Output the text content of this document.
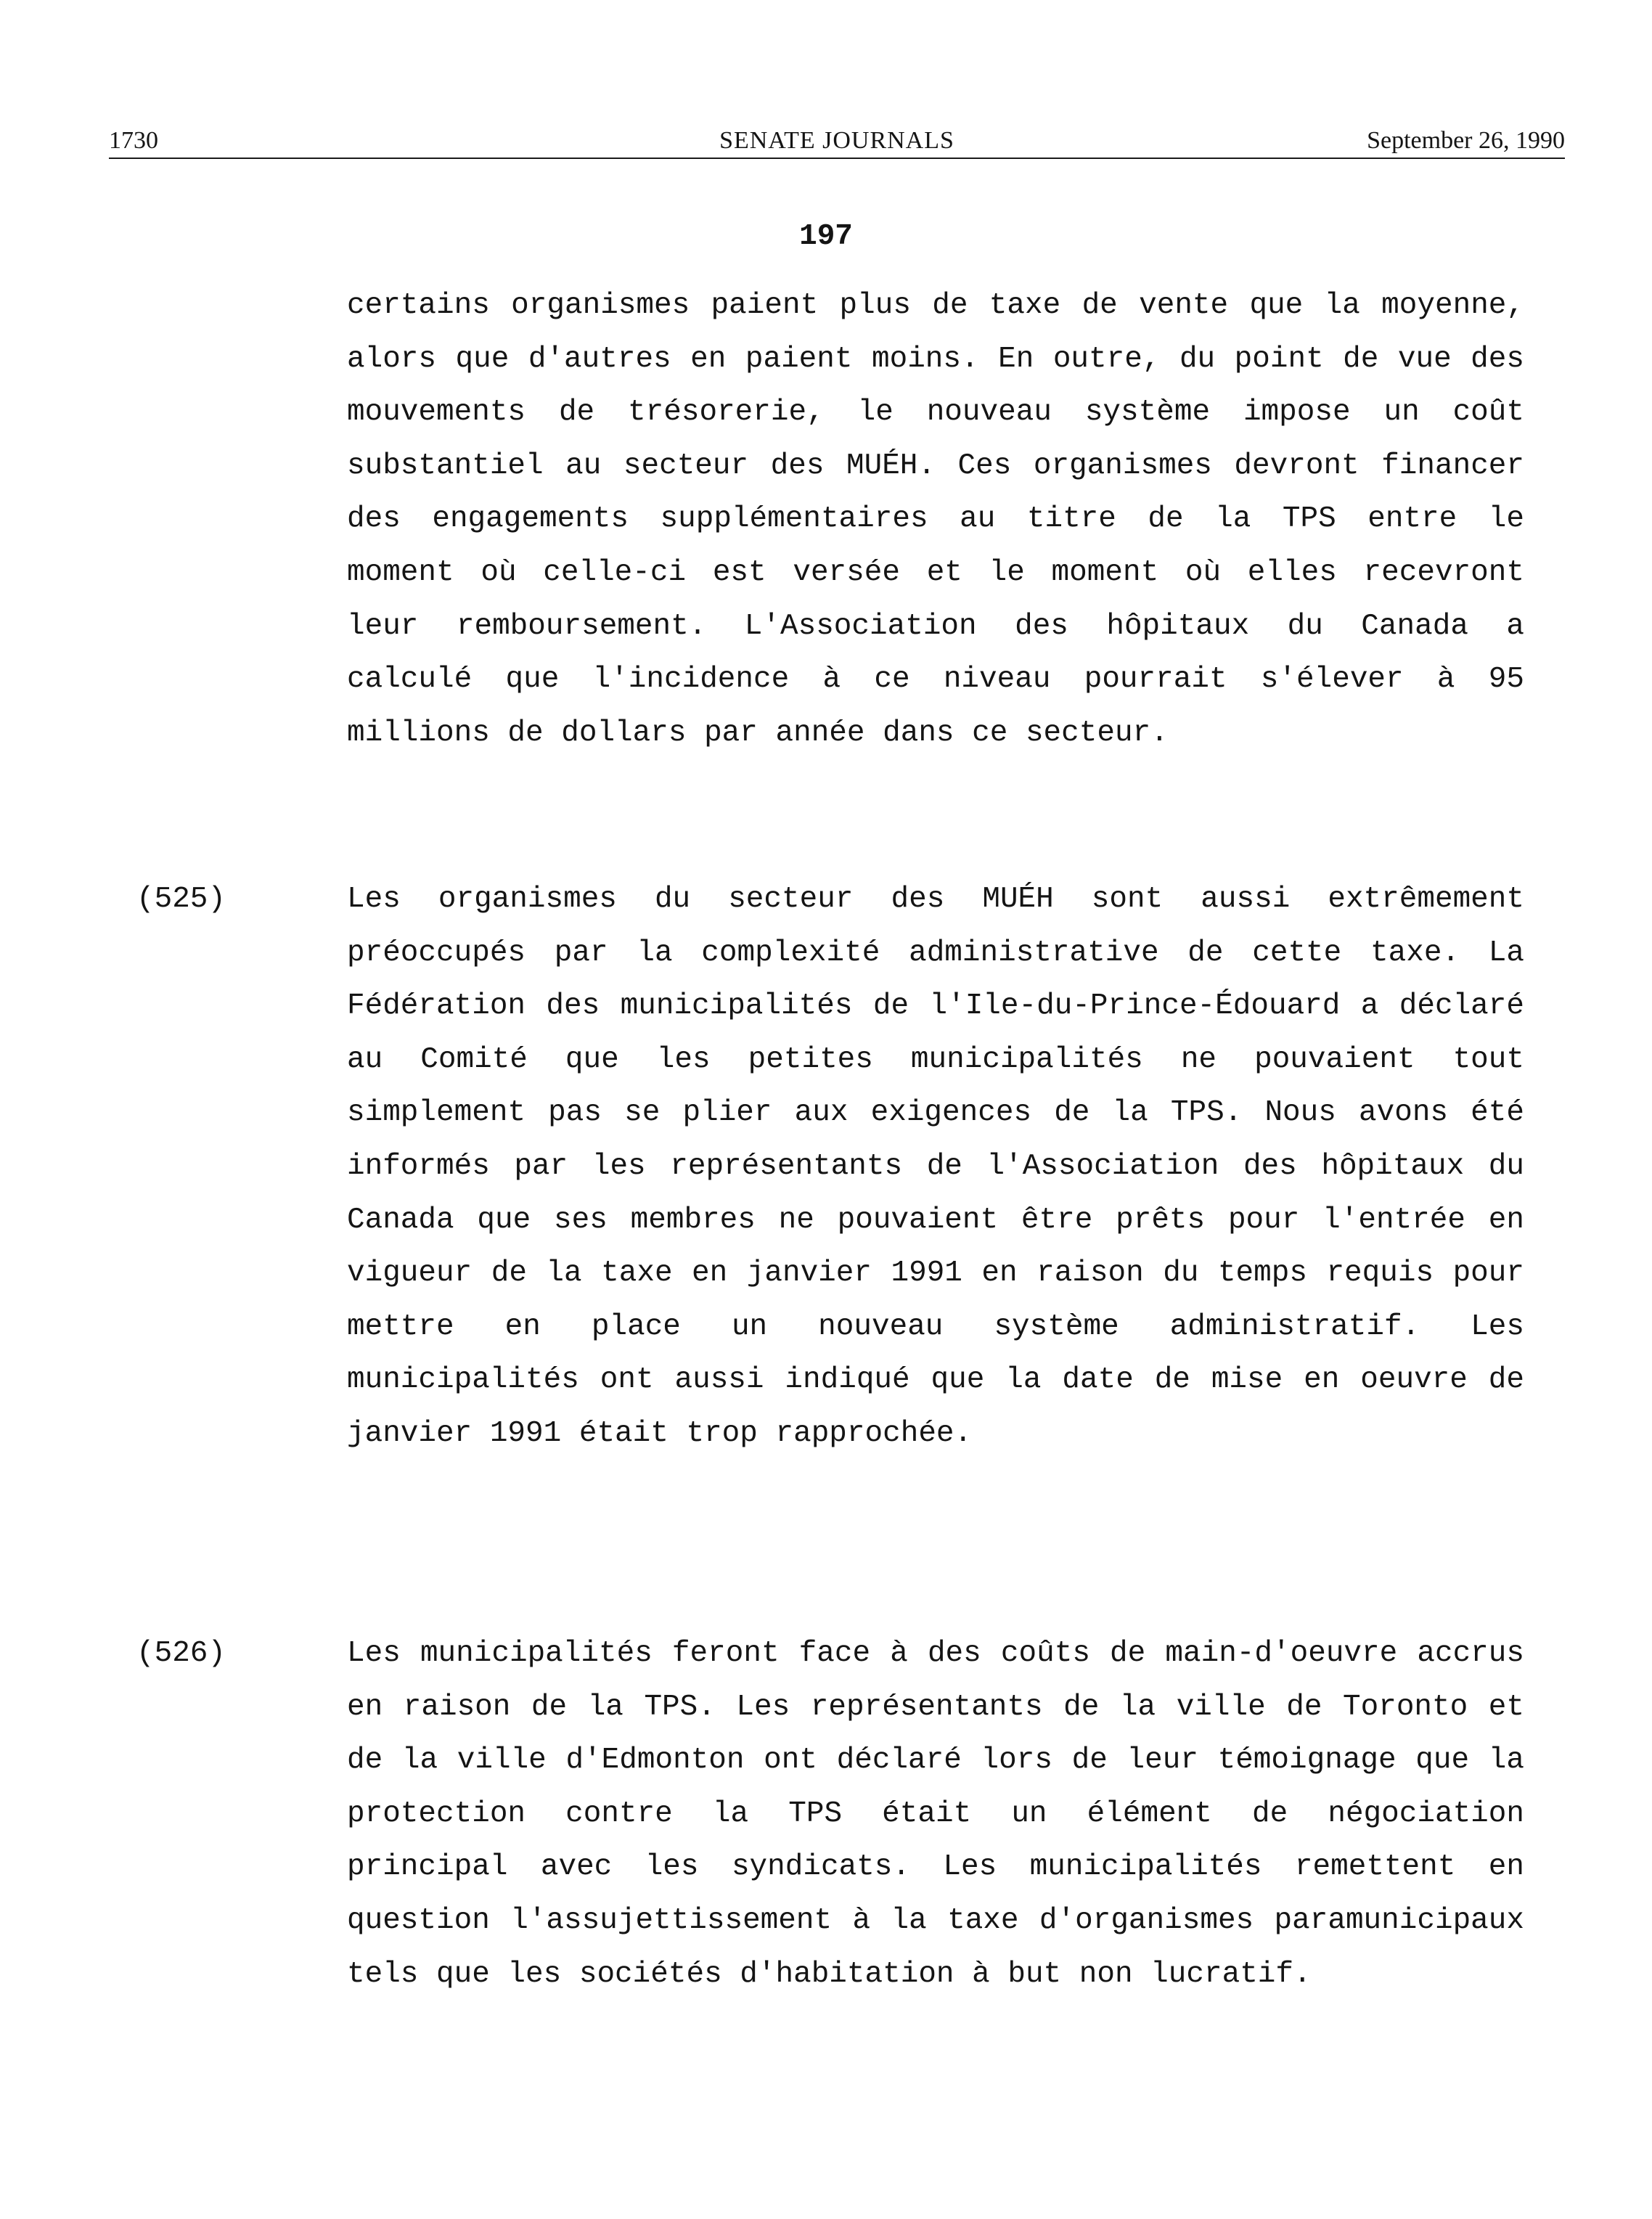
1730	SENATE JOURNALS	September 26, 1990
197

certains organismes paient plus de taxe de vente que la moyenne, alors que d'autres en paient moins. En outre, du point de vue des mouvements de trésorerie, le nouveau système impose un coût substantiel au secteur des MUÉH. Ces organismes devront financer des engagements supplémentaires au titre de la TPS entre le moment où celle-ci est versée et le moment où elles recevront leur remboursement. L'Association des hôpitaux du Canada a calculé que l'incidence à ce niveau pourrait s'élever à 95 millions de dollars par année dans ce secteur.

(525)	Les organismes du secteur des MUÉH sont aussi extrêmement préoccupés par la complexité administrative de cette taxe. La Fédération des municipalités de l'Ile-du-Prince-Édouard a déclaré au Comité que les petites municipalités ne pouvaient tout simplement pas se plier aux exigences de la TPS. Nous avons été informés par les représentants de l'Association des hôpitaux du Canada que ses membres ne pouvaient être prêts pour l'entrée en vigueur de la taxe en janvier 1991 en raison du temps requis pour mettre en place un nouveau système administratif. Les municipalités ont aussi indiqué que la date de mise en oeuvre de janvier 1991 était trop rapprochée.

(526)	Les municipalités feront face à des coûts de main-d'oeuvre accrus en raison de la TPS. Les représentants de la ville de Toronto et de la ville d'Edmonton ont déclaré lors de leur témoignage que la protection contre la TPS était un élément de négociation principal avec les syndicats. Les municipalités remettent en question l'assujettissement à la taxe d'organismes paramunicipaux tels que les sociétés d'habitation à but non lucratif.
